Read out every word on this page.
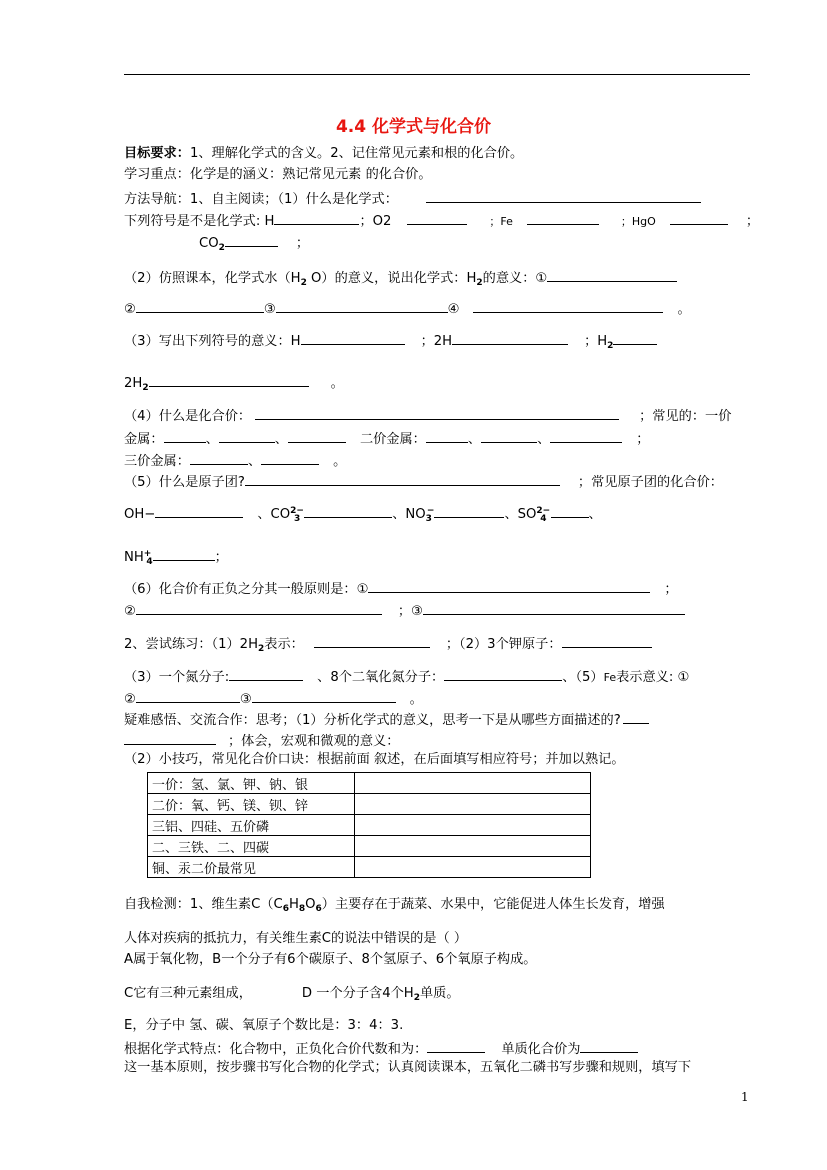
4.4 化学式与化合价
目标要求：1、理解化学式的含义。2、记住常见元素和根的化合价。
学习重点：化学是的涵义：熟记常见元素 的化合价。
方法导航：1、自主阅读；（1）什么是化学式：
下列符号是不是化学式: H	；O2	；Fe	；HgO	；
$CO_2$	；
（2）仿照课本，化学式水（$H_2$ O）的意义，说出化学式：$H_2$的意义：①
②	③	④	。
（3）写出下列符号的意义：H	；2H	；$H_2$
$2H_2$	。
（4）什么是化合价：	；常见的：一价
金属：	、	、	二价金属：	、	、	；
三价金属：	、	。
（5）什么是原子团?	；常见原子团的化合价：
OH−	、$CO^{2-}_3$	、$NO_3^-$	、$SO^{2-}_4$	、
$NH^+_4$	；
（6）化合价有正负之分其一般原则是：①	；
②	；③
2、尝试练习：$(1)2H_2$表示：	；（2）3个钾原子：
（3）一个氮分子:	、8个二氧化氮分子：	、（5）Fe表示意义: ①
②	③	。
疑难感悟、交流合作：思考；（1）分析化学式的意义，思考一下是从哪些方面描述的?
；体会，宏观和微观的意义：
（2）小技巧，常见化合价口诀：根据前面 叙述，在后面填写相应符号；并加以熟记。
一价：氢、氯、钾、钠、银	
二价：氧、钙、镁、钡、锌	
三铝、四硅、五价磷	
二、三铁、二、四碳	
铜、汞二价最常见	
自我检测：1、维生素$C(C_6H_8O_6)$主要存在于蔬菜、水果中，它能促进人体生长发育，增强
人体对疾病的抵抗力，有关维生素C的说法中错误的是（ ）
A属于氧化物，B一个分子有6个碳原子、8个氢原子、6个氧原子构成。
C它有三种元素组成，	D 一个分子含4个$H_2$单质。
E，分子中 氢、碳、氧原子个数比是：3：4：3.
根据化学式特点：化合物中，正负化合价代数和为：	单质化合价为
这一基本原则，按步骤书写化合物的化学式；认真阅读课本，五氧化二磷书写步骤和规则，填写下
1
